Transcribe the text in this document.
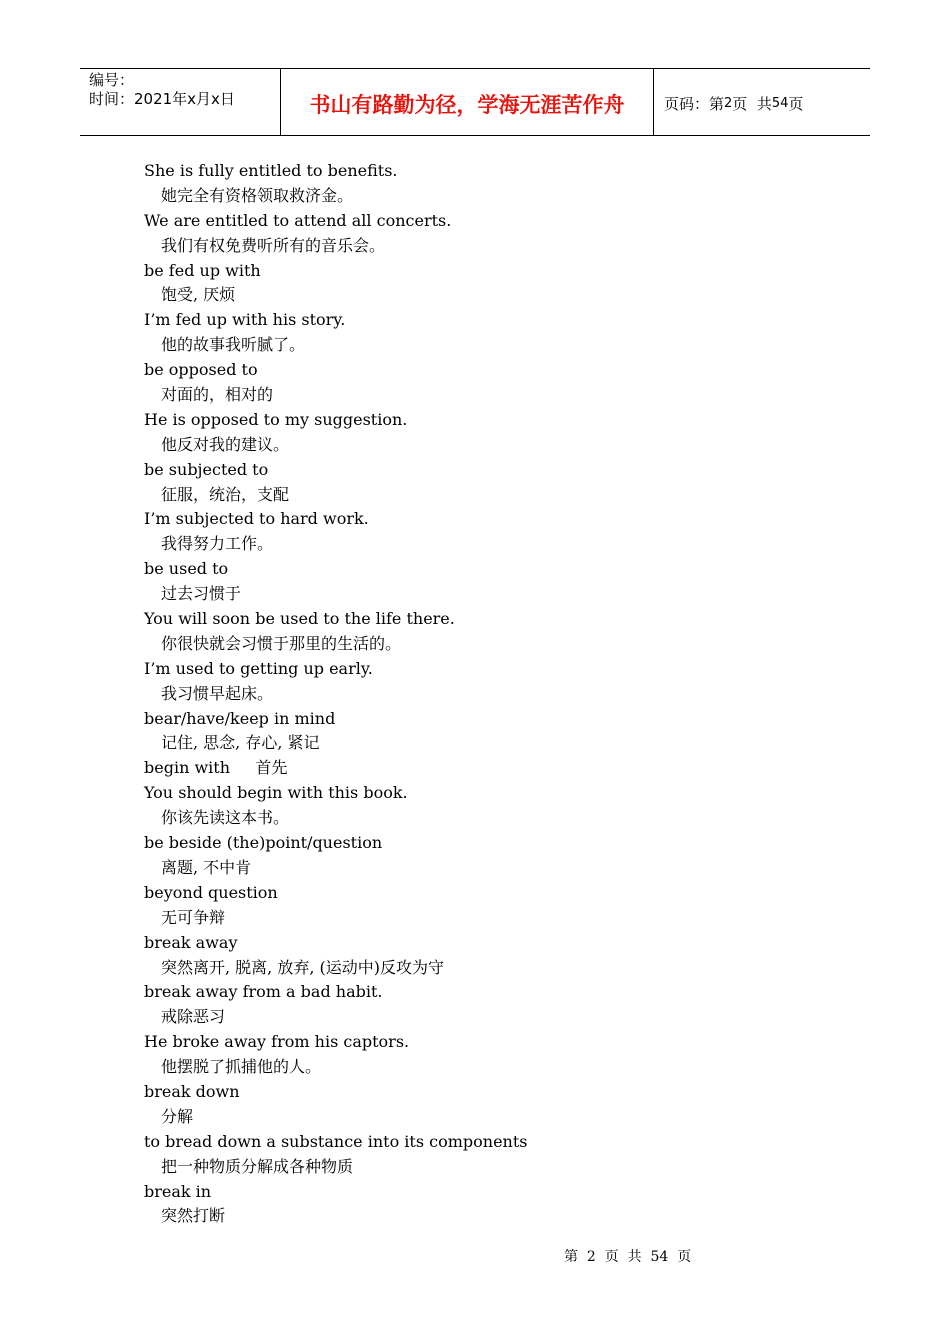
编号：
时间：2021年x月x日	书山有路勤为径，学海无涯苦作舟	页码：第 2 页  共 54 页
She is fully entitled to benefits.
她完全有资格领取救济金。
We are entitled to attend all concerts.
我们有权免费听所有的音乐会。
be fed up with
饱受, 厌烦
I’m fed up with his story.
他的故事我听腻了。
be opposed to
对面的，相对的
He is opposed to my suggestion.
他反对我的建议。
be subjected to
征服，统治，支配
I’m subjected to hard work.
我得努力工作。
be used to
过去习惯于
You will soon be used to the life there.
你很快就会习惯于那里的生活的。
I’m used to getting up early.
我习惯早起床。
bear/have/keep in mind
记住, 思念, 存心, 紧记
begin with     首先
You should begin with this book.
你该先读这本书。
be beside (the)point/question
离题, 不中肯
beyond question
无可争辩
break away
突然离开, 脱离, 放弃, (运动中)反攻为守
break away from a bad habit.
戒除恶习
He broke away from his captors.
他摆脱了抓捕他的人。
break down
分解
to bread down a substance into its components
把一种物质分解成各种物质
break in
突然打断
第  2  页  共  54  页
